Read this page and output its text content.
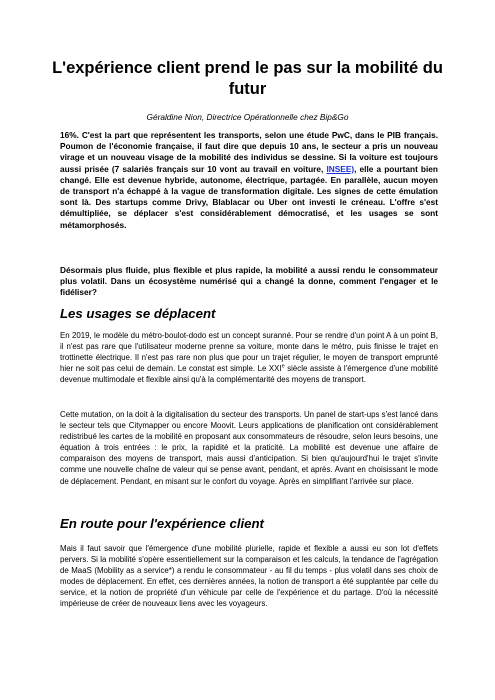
L'expérience client prend le pas sur la mobilité du futur

Géraldine Nion, Directrice Opérationnelle chez Bip&Go

16%. C'est la part que représentent les transports, selon une étude PwC, dans le PIB français. Poumon de l'économie française, il faut dire que depuis 10 ans, le secteur a pris un nouveau virage et un nouveau visage de la mobilité des individus se dessine. Si la voiture est toujours aussi prisée (7 salariés français sur 10 vont au travail en voiture, INSEE), elle a pourtant bien changé. Elle est devenue hybride, autonome, électrique, partagée. En parallèle, aucun moyen de transport n'a échappé à la vague de transformation digitale. Les signes de cette émulation sont là. Des startups comme Drivy, Blablacar ou Uber ont investi le créneau. L'offre s'est démultipliée, se déplacer s'est considérablement démocratisé, et les usages se sont métamorphosés.

Désormais plus fluide, plus flexible et plus rapide, la mobilité a aussi rendu le consommateur plus volatil. Dans un écosystème numérisé qui a changé la donne, comment l'engager et le fidéliser?

Les usages se déplacent

En 2019, le modèle du métro-boulot-dodo est un concept suranné. Pour se rendre d'un point A à un point B, il n'est pas rare que l'utilisateur moderne prenne sa voiture, monte dans le métro, puis finisse le trajet en trottinette électrique. Il n'est pas rare non plus que pour un trajet régulier, le moyen de transport emprunté hier ne soit pas celui de demain. Le constat est simple. Le XXIe siècle assiste à l'émergence d'une mobilité devenue multimodale et flexible ainsi qu'à la complémentarité des moyens de transport.

Cette mutation, on la doit à la digitalisation du secteur des transports. Un panel de start-ups s'est lancé dans le secteur tels que Citymapper ou encore Moovit. Leurs applications de planification ont considérablement redistribué les cartes de la mobilité en proposant aux consommateurs de résoudre, selon leurs besoins, une équation à trois entrées : le prix, la rapidité et la praticité. La mobilité est devenue une affaire de comparaison des moyens de transport, mais aussi d'anticipation. Si bien qu'aujourd'hui le trajet s'invite comme une nouvelle chaîne de valeur qui se pense avant, pendant, et après. Avant en choisissant le mode de déplacement. Pendant, en misant sur le confort du voyage. Après en simplifiant l'arrivée sur place.

En route pour l'expérience client

Mais il faut savoir que l'émergence d'une mobilité plurielle, rapide et flexible a aussi eu son lot d'effets pervers. Si la mobilité s'opère essentiellement sur la comparaison et les calculs, la tendance de l'agrégation de MaaS (Mobility as a service*) a rendu le consommateur - au fil du temps - plus volatil dans ses choix de modes de déplacement. En effet, ces dernières années, la notion de transport a été supplantée par celle du service, et la notion de propriété d'un véhicule par celle de l'expérience et du partage. D'où la nécessité impérieuse de créer de nouveaux liens avec les voyageurs.
